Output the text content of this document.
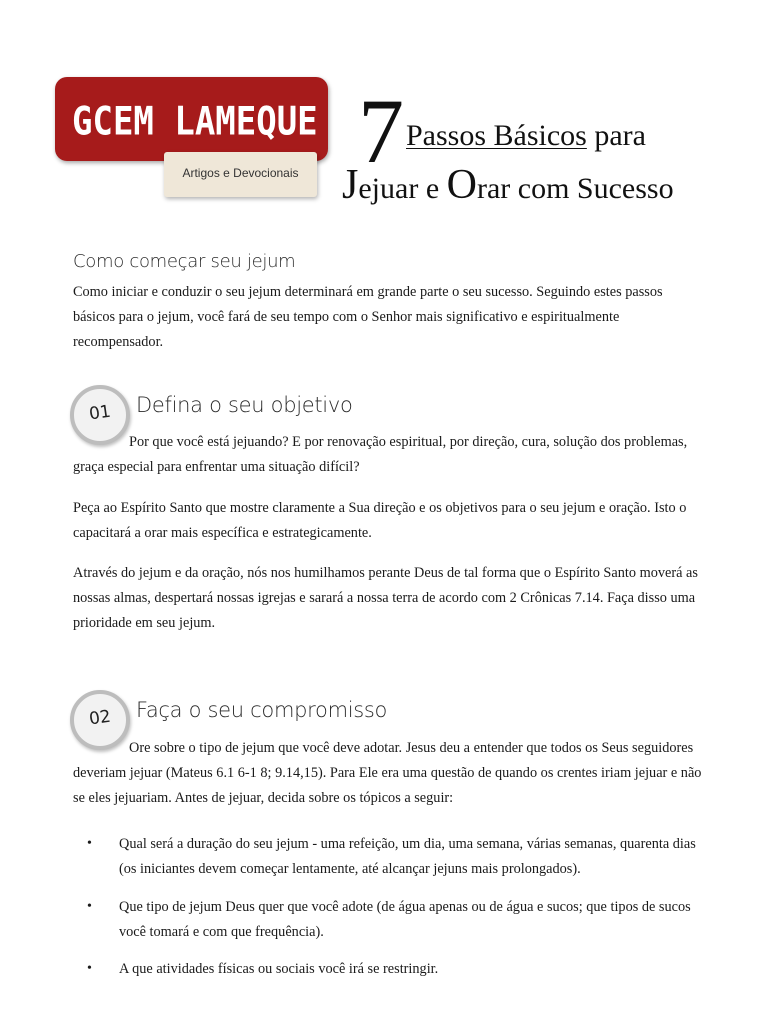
GCEM LAMEQUE
Artigos e Devocionais 7 Passos Básicos para
Jejuar e Orar com Sucesso
Como começar seu jejum
Como iniciar e conduzir o seu jejum determinará em grande parte o seu sucesso. Seguindo estes passos básicos para o jejum, você fará de seu tempo com o Senhor mais significativo e espiritualmente recompensador.
01	Defina o seu objetivo
Por que você está jejuando? E por renovação espiritual, por direção, cura, solução dos problemas, graça especial para enfrentar uma situação difícil?
Peça ao Espírito Santo que mostre claramente a Sua direção e os objetivos para o seu jejum e oração. Isto o capacitará a orar mais específica e estrategicamente.
Através do jejum e da oração, nós nos humilhamos perante Deus de tal forma que o Espírito Santo moverá as nossas almas, despertará nossas igrejas e sarará a nossa terra de acordo com 2 Crônicas 7.14. Faça disso uma prioridade em seu jejum.
02	Faça o seu compromisso
Ore sobre o tipo de jejum que você deve adotar. Jesus deu a entender que todos os Seus seguidores deveriam jejuar (Mateus 6.1 6-1 8; 9.14,15). Para Ele era uma questão de quando os crentes iriam jejuar e não se eles jejuariam. Antes de jejuar, decida sobre os tópicos a seguir:
• Qual será a duração do seu jejum - uma refeição, um dia, uma semana, várias semanas, quarenta dias (os iniciantes devem começar lentamente, até alcançar jejuns mais prolongados).
• Que tipo de jejum Deus quer que você adote (de água apenas ou de água e sucos; que tipos de sucos você tomará e com que frequência).
• A que atividades físicas ou sociais você irá se restringir.
